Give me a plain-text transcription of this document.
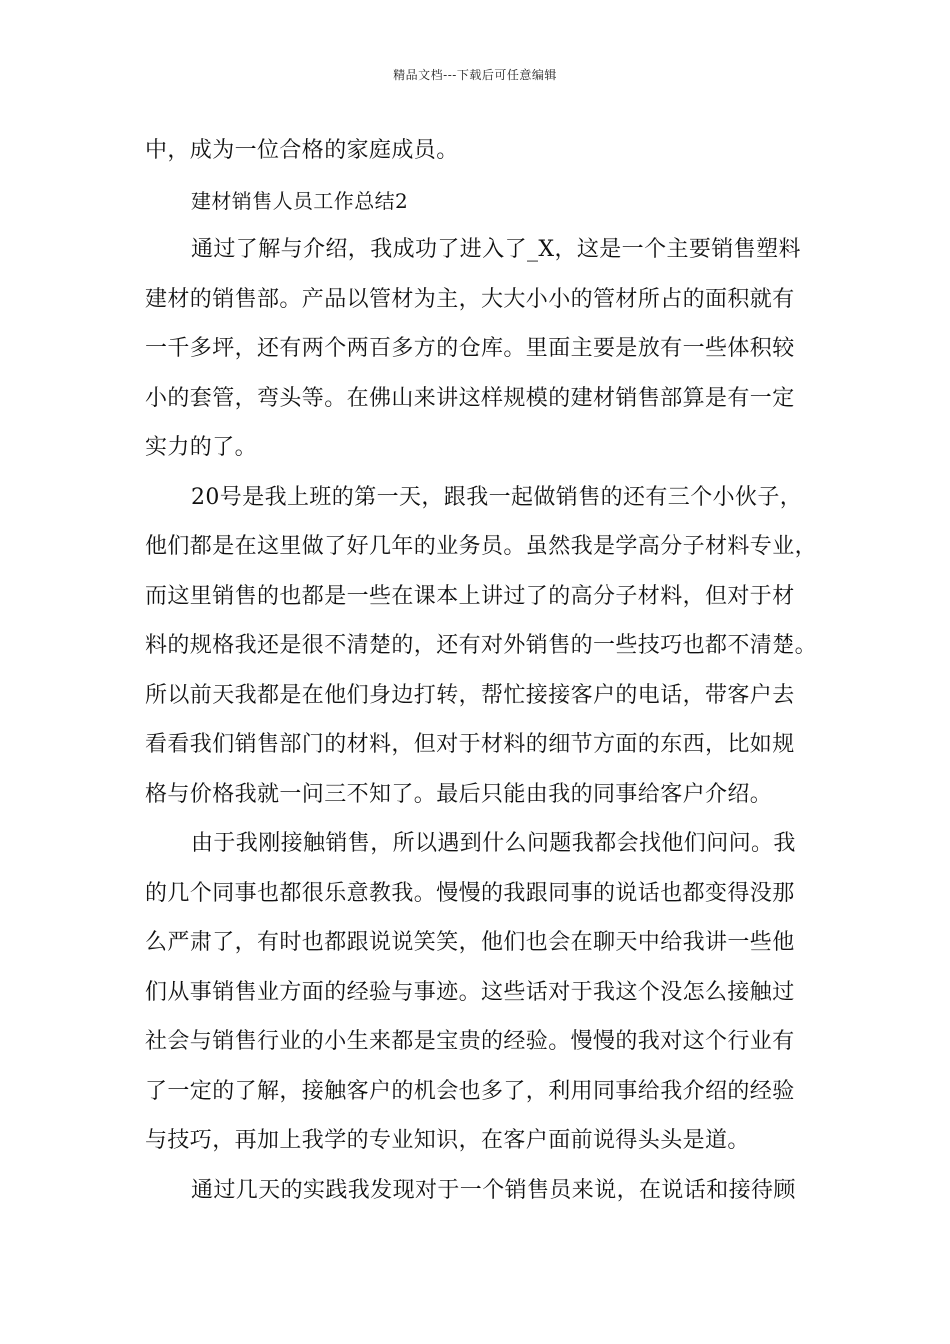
精品文档---下载后可任意编辑
中，成为一位合格的家庭成员。
建材销售人员工作总结2
通过了解与介绍，我成功了进入了_X，这是一个主要销售塑料
建材的销售部。产品以管材为主，大大小小的管材所占的面积就有
一千多坪，还有两个两百多方的仓库。里面主要是放有一些体积较
小的套管，弯头等。在佛山来讲这样规模的建材销售部算是有一定
实力的了。
20号是我上班的第一天，跟我一起做销售的还有三个小伙子，
他们都是在这里做了好几年的业务员。虽然我是学高分子材料专业，
而这里销售的也都是一些在课本上讲过了的高分子材料，但对于材
料的规格我还是很不清楚的，还有对外销售的一些技巧也都不清楚。
所以前天我都是在他们身边打转，帮忙接接客户的电话，带客户去
看看我们销售部门的材料，但对于材料的细节方面的东西，比如规
格与价格我就一问三不知了。最后只能由我的同事给客户介绍。
由于我刚接触销售，所以遇到什么问题我都会找他们问问。我
的几个同事也都很乐意教我。慢慢的我跟同事的说话也都变得没那
么严肃了，有时也都跟说说笑笑，他们也会在聊天中给我讲一些他
们从事销售业方面的经验与事迹。这些话对于我这个没怎么接触过
社会与销售行业的小生来都是宝贵的经验。慢慢的我对这个行业有
了一定的了解，接触客户的机会也多了，利用同事给我介绍的经验
与技巧，再加上我学的专业知识，在客户面前说得头头是道。
通过几天的实践我发现对于一个销售员来说，在说话和接待顾
